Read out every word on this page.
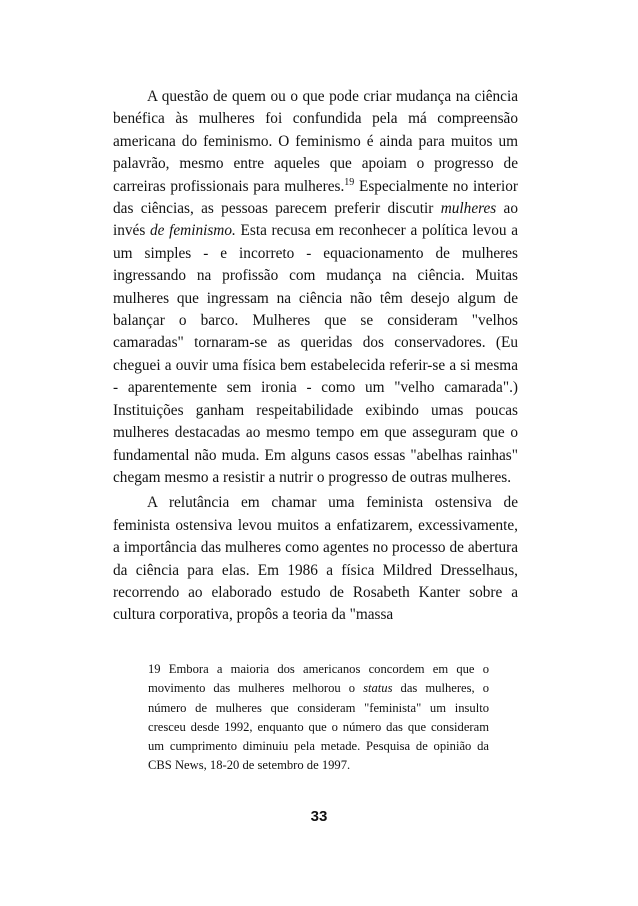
A questão de quem ou o que pode criar mudança na ciência benéfica às mulheres foi confundida pela má compreensão americana do feminismo. O feminismo é ainda para muitos um palavrão, mesmo entre aqueles que apoiam o progresso de carreiras profissionais para mulheres.$^{19}$ Especialmente no interior das ciências, as pessoas parecem preferir discutir mulheres ao invés de feminismo. Esta recusa em reconhecer a política levou a um simples - e incorreto - equacionamento de mulheres ingressando na profissão com mudança na ciência. Muitas mulheres que ingressam na ciência não têm desejo algum de balançar o barco. Mulheres que se consideram "velhos camaradas" tornaram-se as queridas dos conservadores. (Eu cheguei a ouvir uma física bem estabelecida referir-se a si mesma - aparentemente sem ironia - como um "velho camarada".) Instituições ganham respeitabilidade exibindo umas poucas mulheres destacadas ao mesmo tempo em que asseguram que o fundamental não muda. Em alguns casos essas "abelhas rainhas" chegam mesmo a resistir a nutrir o progresso de outras mulheres.

A relutância em chamar uma feminista ostensiva de feminista ostensiva levou muitos a enfatizarem, excessivamente, a importância das mulheres como agentes no processo de abertura da ciência para elas. Em 1986 a física Mildred Dresselhaus, recorrendo ao elaborado estudo de Rosabeth Kanter sobre a cultura corporativa, propôs a teoria da "massa

19 Embora a maioria dos americanos concordem em que o movimento das mulheres melhorou o status das mulheres, o número de mulheres que consideram "feminista" um insulto cresceu desde 1992, enquanto que o número das que consideram um cumprimento diminuiu pela metade. Pesquisa de opinião da CBS News, 18-20 de setembro de 1997.

33
